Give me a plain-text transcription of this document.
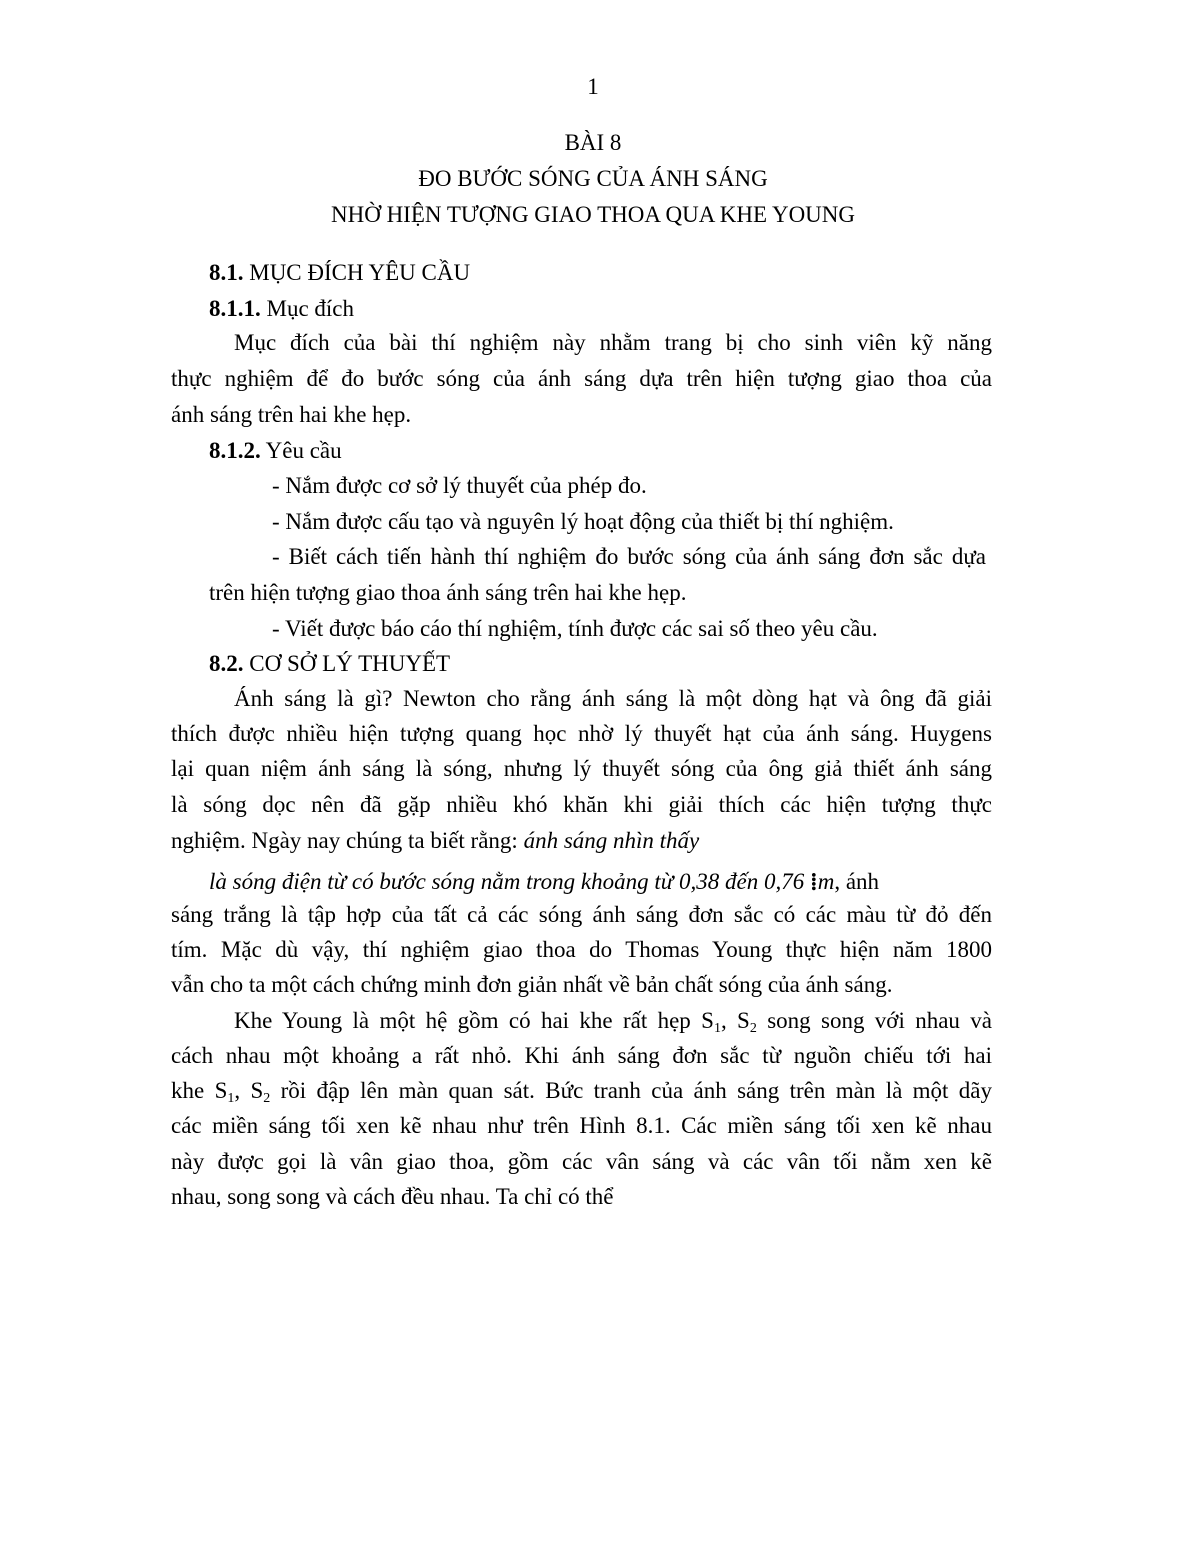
1
BÀI 8
ĐO BƯỚC SÓNG CỦA ÁNH SÁNG
NHỜ HIỆN TƯỢNG GIAO THOA QUA KHE YOUNG
8.1. MỤC ĐÍCH YÊU CẦU
8.1.1. Mục đích
Mục đích của bài thí nghiệm này nhằm trang bị cho sinh viên kỹ năng
thực nghiệm để đo bước sóng của ánh sáng dựa trên hiện tượng giao thoa của
ánh sáng trên hai khe hẹp.
8.1.2. Yêu cầu
- Nắm được cơ sở lý thuyết của phép đo.
- Nắm được cấu tạo và nguyên lý hoạt động của thiết bị thí nghiệm.
- Biết cách tiến hành thí nghiệm đo bước sóng của ánh sáng đơn sắc dựa
trên hiện tượng giao thoa ánh sáng trên hai khe hẹp.
- Viết được báo cáo thí nghiệm, tính được các sai số theo yêu cầu.
8.2. CƠ SỞ LÝ THUYẾT
Ánh sáng là gì? Newton cho rằng ánh sáng là một dòng hạt và ông đã giải
thích được nhiều hiện tượng quang học nhờ lý thuyết hạt của ánh sáng. Huygens
lại quan niệm ánh sáng là sóng, nhưng lý thuyết sóng của ông giả thiết ánh sáng
là sóng dọc nên đã gặp nhiều khó khăn khi giải thích các hiện tượng thực
nghiệm. Ngày nay chúng ta biết rằng: ánh sáng nhìn thấy
là sóng điện từ có bước sóng nằm trong khoảng từ 0,38 đến 0,76 ⁞m, ánh
sáng trắng là tập hợp của tất cả các sóng ánh sáng đơn sắc có các màu từ đỏ đến
tím. Mặc dù vậy, thí nghiệm giao thoa do Thomas Young thực hiện năm 1800
vẫn cho ta một cách chứng minh đơn giản nhất về bản chất sóng của ánh sáng.
Khe Young là một hệ gồm có hai khe rất hẹp $S_1$, $S_2$ song song với nhau và
cách nhau một khoảng a rất nhỏ. Khi ánh sáng đơn sắc từ nguồn chiếu tới hai
khe $S_1$, $S_2$ rồi đập lên màn quan sát. Bức tranh của ánh sáng trên màn là một dãy
các miền sáng tối xen kẽ nhau như trên Hình 8.1. Các miền sáng tối xen kẽ nhau
này được gọi là vân giao thoa, gồm các vân sáng và các vân tối nằm xen kẽ
nhau, song song và cách đều nhau. Ta chỉ có thể
